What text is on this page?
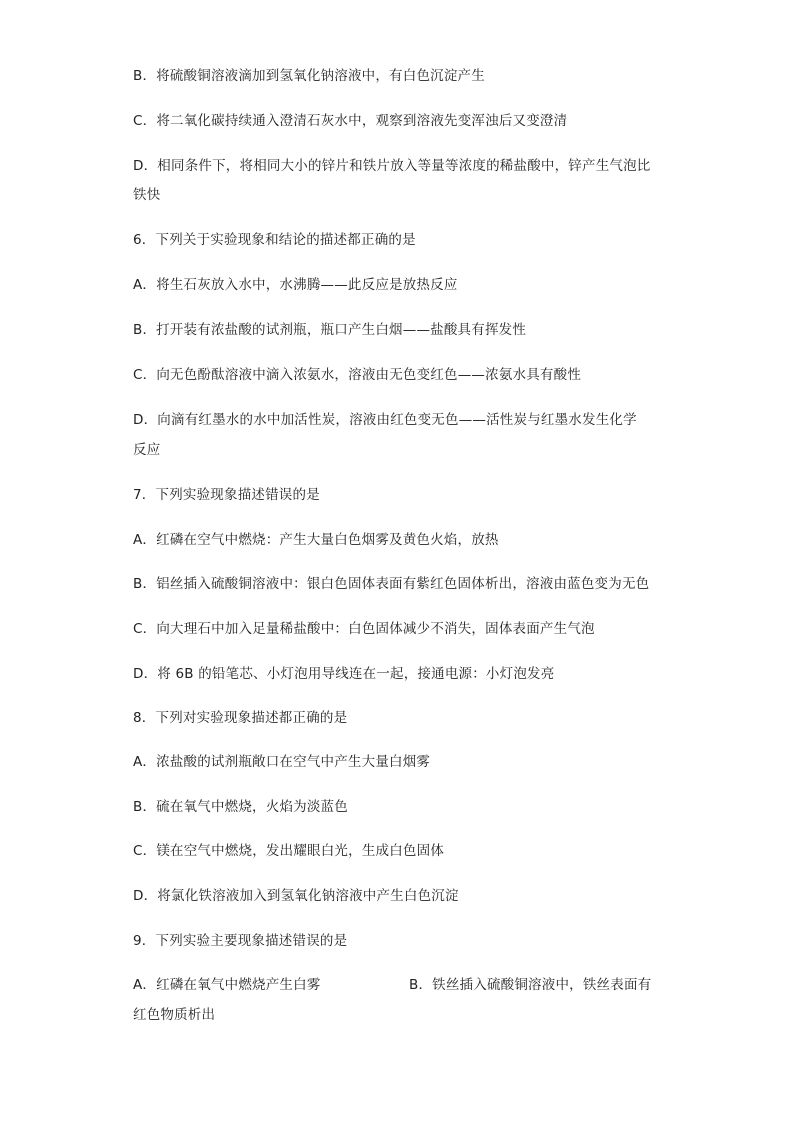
B．将硫酸铜溶液滴加到氢氧化钠溶液中，有白色沉淀产生
C．将二氧化碳持续通入澄清石灰水中，观察到溶液先变浑浊后又变澄清
D．相同条件下，将相同大小的锌片和铁片放入等量等浓度的稀盐酸中，锌产生气泡比
铁快
6．下列关于实验现象和结论的描述都正确的是
A．将生石灰放入水中，水沸腾——此反应是放热反应
B．打开装有浓盐酸的试剂瓶，瓶口产生白烟——盐酸具有挥发性
C．向无色酚酞溶液中滴入浓氨水，溶液由无色变红色——浓氨水具有酸性
D．向滴有红墨水的水中加活性炭，溶液由红色变无色——活性炭与红墨水发生化学
反应
7．下列实验现象描述错误的是
A．红磷在空气中燃烧：产生大量白色烟雾及黄色火焰，放热
B．铝丝插入硫酸铜溶液中：银白色固体表面有紫红色固体析出，溶液由蓝色变为无色
C．向大理石中加入足量稀盐酸中：白色固体减少不消失，固体表面产生气泡
D．将 6B 的铅笔芯、小灯泡用导线连在一起，接通电源：小灯泡发亮
8．下列对实验现象描述都正确的是
A．浓盐酸的试剂瓶敞口在空气中产生大量白烟雾
B．硫在氧气中燃烧，火焰为淡蓝色
C．镁在空气中燃烧，发出耀眼白光，生成白色固体
D．将氯化铁溶液加入到氢氧化钠溶液中产生白色沉淀
9．下列实验主要现象描述错误的是
A．红磷在氧气中燃烧产生白雾	B．铁丝插入硫酸铜溶液中，铁丝表面有
红色物质析出
